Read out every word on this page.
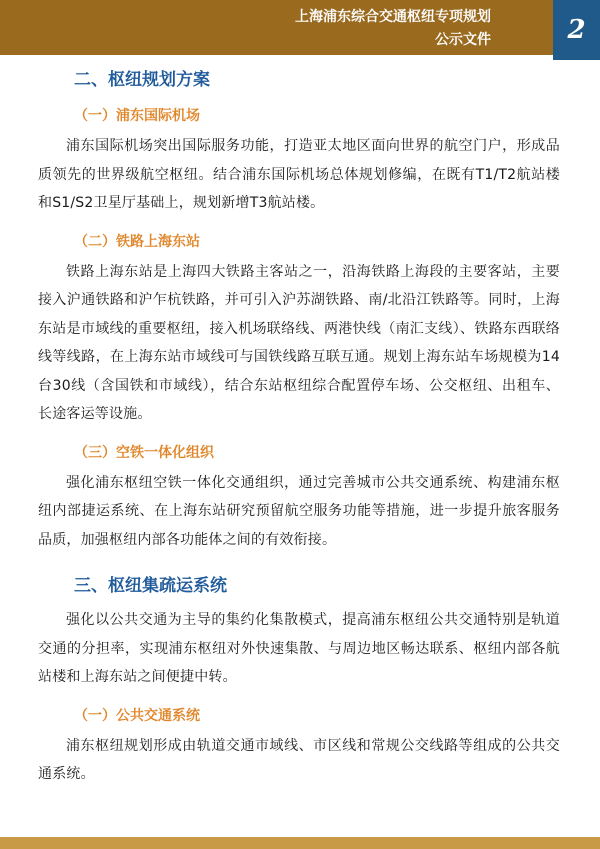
上海浦东综合交通枢纽专项规划
公示文件	2
二、枢纽规划方案
（一）浦东国际机场

浦东国际机场突出国际服务功能，打造亚太地区面向世界的航空门户，形成品质领先的世界级航空枢纽。结合浦东国际机场总体规划修编，在既有T1/T2航站楼和S1/S2卫星厅基础上，规划新增T3航站楼。

（二）铁路上海东站

铁路上海东站是上海四大铁路主客站之一，沿海铁路上海段的主要客站，主要接入沪通铁路和沪乍杭铁路，并可引入沪苏湖铁路、南/北沿江铁路等。同时，上海东站是市域线的重要枢纽，接入机场联络线、两港快线（南汇支线）、铁路东西联络线等线路，在上海东站市域线可与国铁线路互联互通。规划上海东站车场规模为14台30线（含国铁和市域线），结合东站枢纽综合配置停车场、公交枢纽、出租车、长途客运等设施。

（三）空铁一体化组织

强化浦东枢纽空铁一体化交通组织，通过完善城市公共交通系统、构建浦东枢纽内部捷运系统、在上海东站研究预留航空服务功能等措施，进一步提升旅客服务品质，加强枢纽内部各功能体之间的有效衔接。

三、枢纽集疏运系统

强化以公共交通为主导的集约化集散模式，提高浦东枢纽公共交通特别是轨道交通的分担率，实现浦东枢纽对外快速集散、与周边地区畅达联系、枢纽内部各航站楼和上海东站之间便捷中转。

（一）公共交通系统

浦东枢纽规划形成由轨道交通市域线、市区线和常规公交线路等组成的公共交通系统。
